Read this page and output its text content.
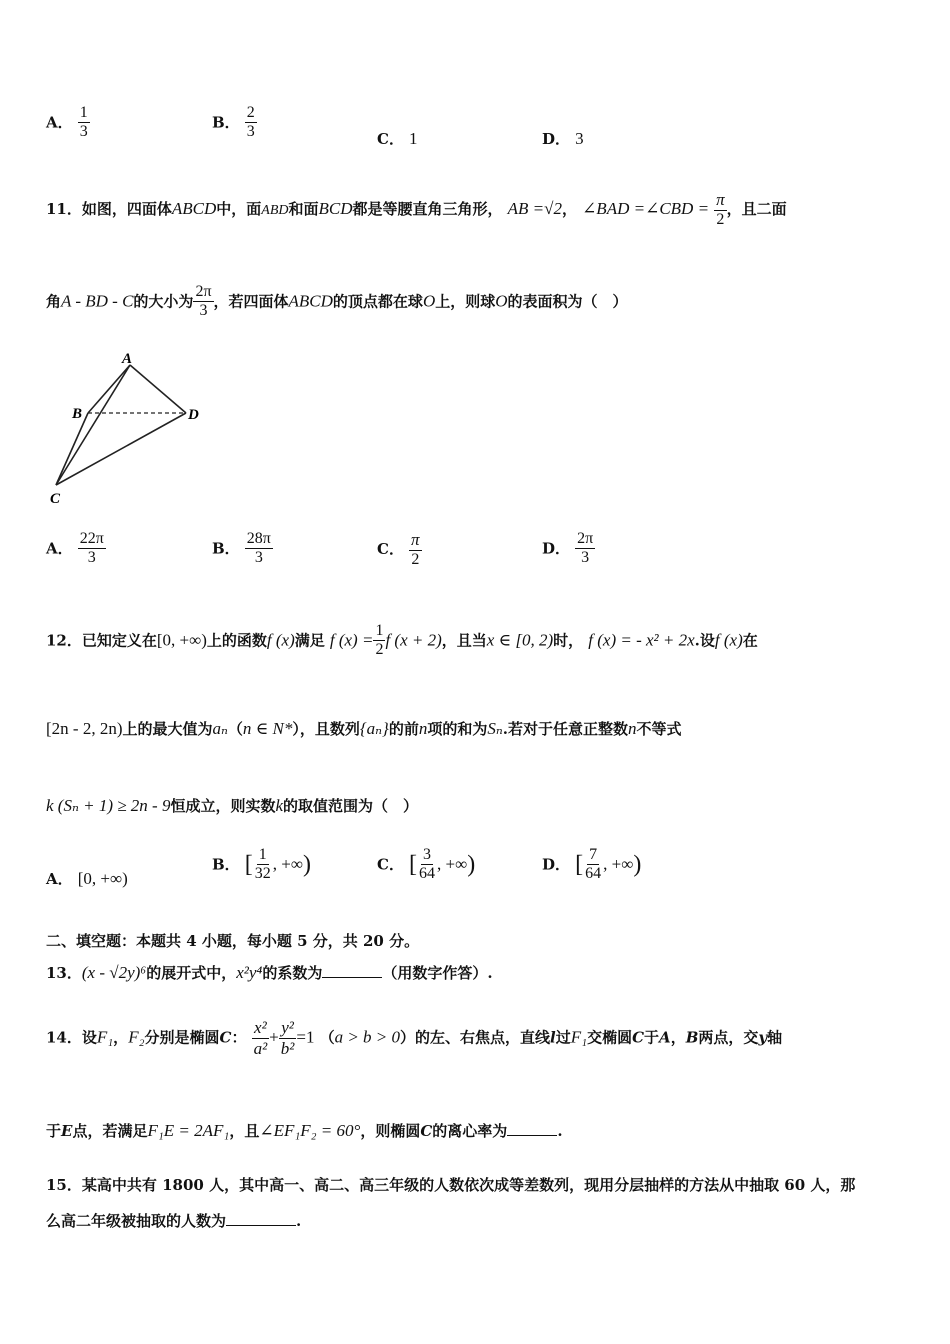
A． $\frac{1}{3}$	B． $\frac{2}{3}$	C． 1	D． 3
11．如图，四面体ABCD中，面ABD和面BCD都是等腰直角三角形， AB =√2， ∠BAD =∠CBD = $\frac{\pi}{2}$ ，且二面
角A - BD - C的大小为 $\frac{2\pi}{3}$ ，若四面体ABCD的顶点都在球O上，则球O的表面积为（　）
A
B
C
D
A． $\frac{22\pi}{3}$	B． $\frac{28\pi}{3}$	C． $\frac{\pi}{2}$	D． $\frac{2\pi}{3}$
12．已知定义在[0, +∞)上的函数f (x)满足 f $(x) = \frac{1}{2}$ f (x + 2)，且当x ∈ [0, 2)时， f (x) = - x² + 2x.设f (x)在
[2n - 2, 2n)上的最大值为aₙ（n ∈ N*），且数列{aₙ}的前n项的和为Sₙ.若对于任意正整数n不等式
k (Sₙ + 1) ≥ 2n - 9恒成立，则实数k的取值范围为（　）
A． [0, +∞)
B． [ $\frac{1}{32}$ , +∞)	C． [ $\frac{3}{64}$ , +∞)	D． [ $\frac{7}{64}$ , +∞)
二、填空题：本题共 4 小题，每小题 5 分，共 20 分。
13．(x - √2y)⁶的展开式中，x²y⁴的系数为	（用数字作答）.
14．设F₁，F₂分别是椭圆C： $\frac{\text{x²}}{\text{a²}} + \frac{\text{y²}}{\text{b²}} =1$ （a > b > 0）的左、右焦点，直线l过F₁交椭圆C于A，B两点，交y轴
于E点，若满足F₁E = 2AF₁，且∠EF₁F₂ = 60°，则椭圆C的离心率为	.
15．某高中共有 1800 人，其中高一、高二、高三年级的人数依次成等差数列，现用分层抽样的方法从中抽取 60 人，那
么高二年级被抽取的人数为	.
